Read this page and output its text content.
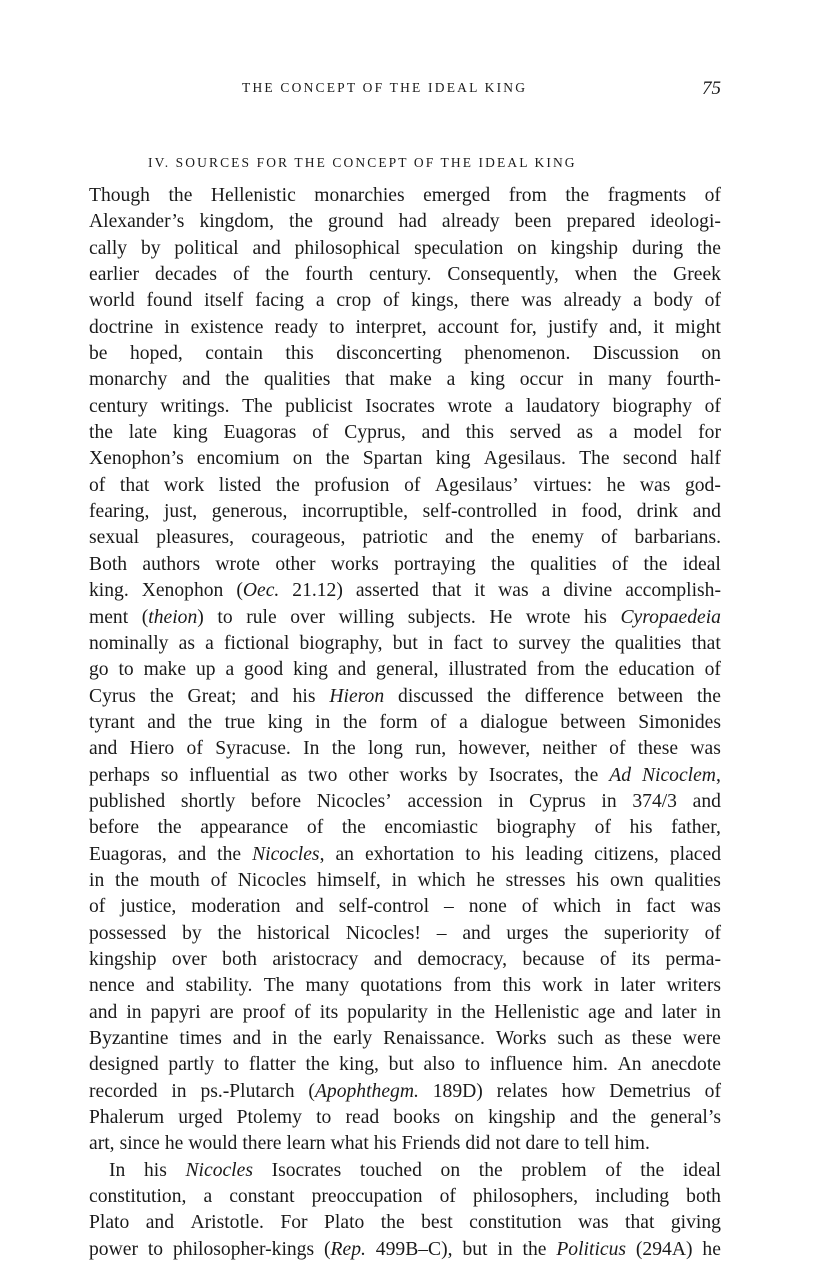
THE CONCEPT OF THE IDEAL KING	75
IV. SOURCES FOR THE CONCEPT OF THE IDEAL KING
Though the Hellenistic monarchies emerged from the fragments of
Alexander’s kingdom, the ground had already been prepared ideologi-
cally by political and philosophical speculation on kingship during the
earlier decades of the fourth century. Consequently, when the Greek
world found itself facing a crop of kings, there was already a body of
doctrine in existence ready to interpret, account for, justify and, it might
be hoped, contain this disconcerting phenomenon. Discussion on
monarchy and the qualities that make a king occur in many fourth-
century writings. The publicist Isocrates wrote a laudatory biography of
the late king Euagoras of Cyprus, and this served as a model for
Xenophon’s encomium on the Spartan king Agesilaus. The second half
of that work listed the profusion of Agesilaus’ virtues: he was god-
fearing, just, generous, incorruptible, self-controlled in food, drink and
sexual pleasures, courageous, patriotic and the enemy of barbarians.
Both authors wrote other works portraying the qualities of the ideal
king. Xenophon (Oec. 21.12) asserted that it was a divine accomplish-
ment (theion) to rule over willing subjects. He wrote his Cyropaedeia
nominally as a fictional biography, but in fact to survey the qualities that
go to make up a good king and general, illustrated from the education of
Cyrus the Great; and his Hieron discussed the difference between the
tyrant and the true king in the form of a dialogue between Simonides
and Hiero of Syracuse. In the long run, however, neither of these was
perhaps so influential as two other works by Isocrates, the Ad Nicoclem,
published shortly before Nicocles’ accession in Cyprus in 374/3 and
before the appearance of the encomiastic biography of his father,
Euagoras, and the Nicocles, an exhortation to his leading citizens, placed
in the mouth of Nicocles himself, in which he stresses his own qualities
of justice, moderation and self-control – none of which in fact was
possessed by the historical Nicocles! – and urges the superiority of
kingship over both aristocracy and democracy, because of its perma-
nence and stability. The many quotations from this work in later writers
and in papyri are proof of its popularity in the Hellenistic age and later in
Byzantine times and in the early Renaissance. Works such as these were
designed partly to flatter the king, but also to influence him. An anecdote
recorded in ps.-Plutarch (Apophthegm. 189D) relates how Demetrius of
Phalerum urged Ptolemy to read books on kingship and the general’s
art, since he would there learn what his Friends did not dare to tell him.
In his Nicocles Isocrates touched on the problem of the ideal
constitution, a constant preoccupation of philosophers, including both
Plato and Aristotle. For Plato the best constitution was that giving
power to philosopher-kings (Rep. 499B–C), but in the Politicus (294A) he
